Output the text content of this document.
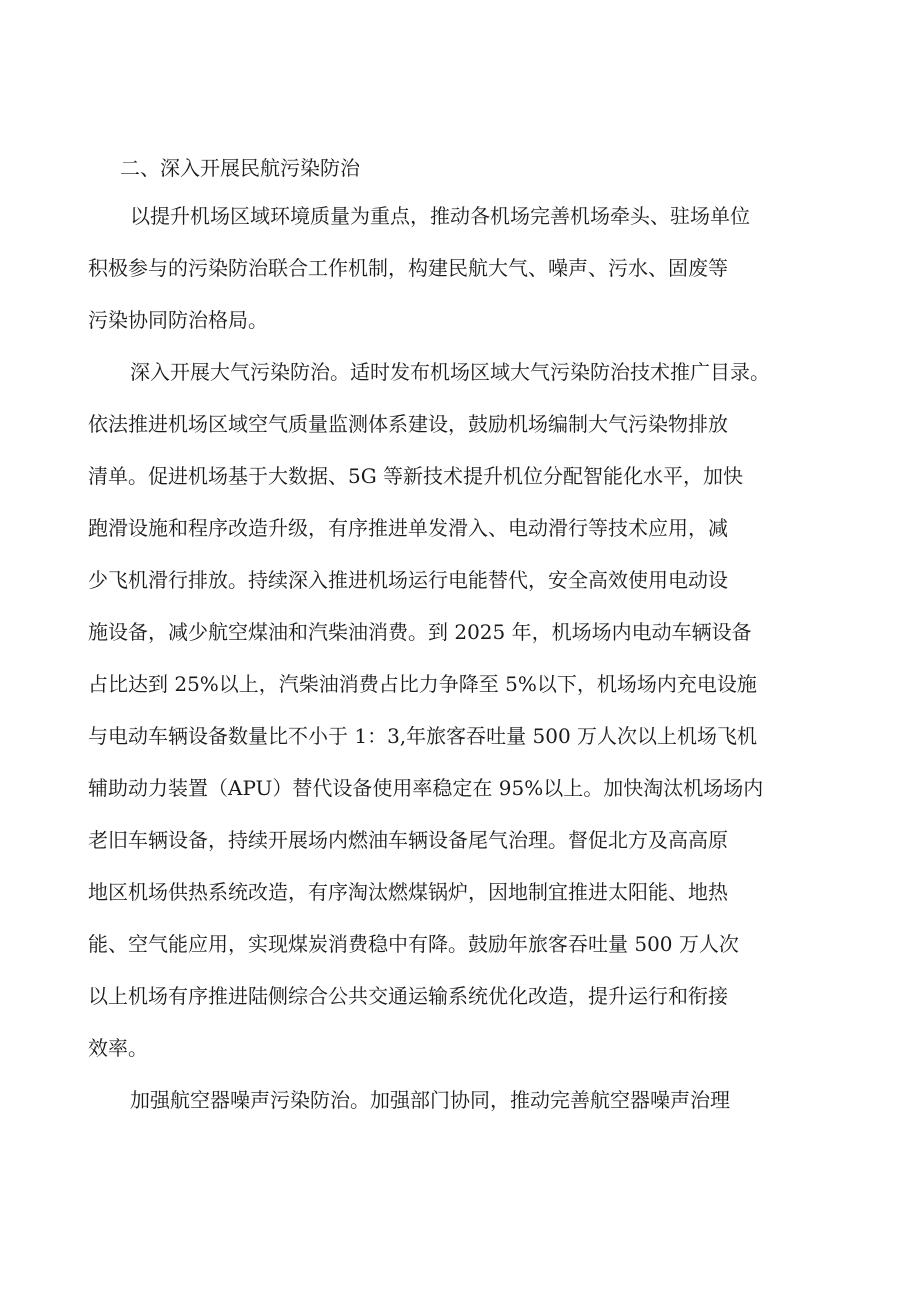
二、深入开展民航污染防治

以提升机场区域环境质量为重点，推动各机场完善机场牵头、驻场单位

积极参与的污染防治联合工作机制，构建民航大气、噪声、污水、固废等

污染协同防治格局。

深入开展大气污染防治。适时发布机场区域大气污染防治技术推广目录。

依法推进机场区域空气质量监测体系建设，鼓励机场编制大气污染物排放

清单。促进机场基于大数据、5G 等新技术提升机位分配智能化水平，加快

跑滑设施和程序改造升级，有序推进单发滑入、电动滑行等技术应用，减

少飞机滑行排放。持续深入推进机场运行电能替代，安全高效使用电动设

施设备，减少航空煤油和汽柴油消费。到 2025 年，机场场内电动车辆设备

占比达到 25%以上，汽柴油消费占比力争降至 5%以下，机场场内充电设施

与电动车辆设备数量比不小于 1：3,年旅客吞吐量 500 万人次以上机场飞机

辅助动力装置（APU）替代设备使用率稳定在 95%以上。加快淘汰机场场内

老旧车辆设备，持续开展场内燃油车辆设备尾气治理。督促北方及高高原

地区机场供热系统改造，有序淘汰燃煤锅炉，因地制宜推进太阳能、地热

能、空气能应用，实现煤炭消费稳中有降。鼓励年旅客吞吐量 500 万人次

以上机场有序推进陆侧综合公共交通运输系统优化改造，提升运行和衔接

效率。

加强航空器噪声污染防治。加强部门协同，推动完善航空器噪声治理
